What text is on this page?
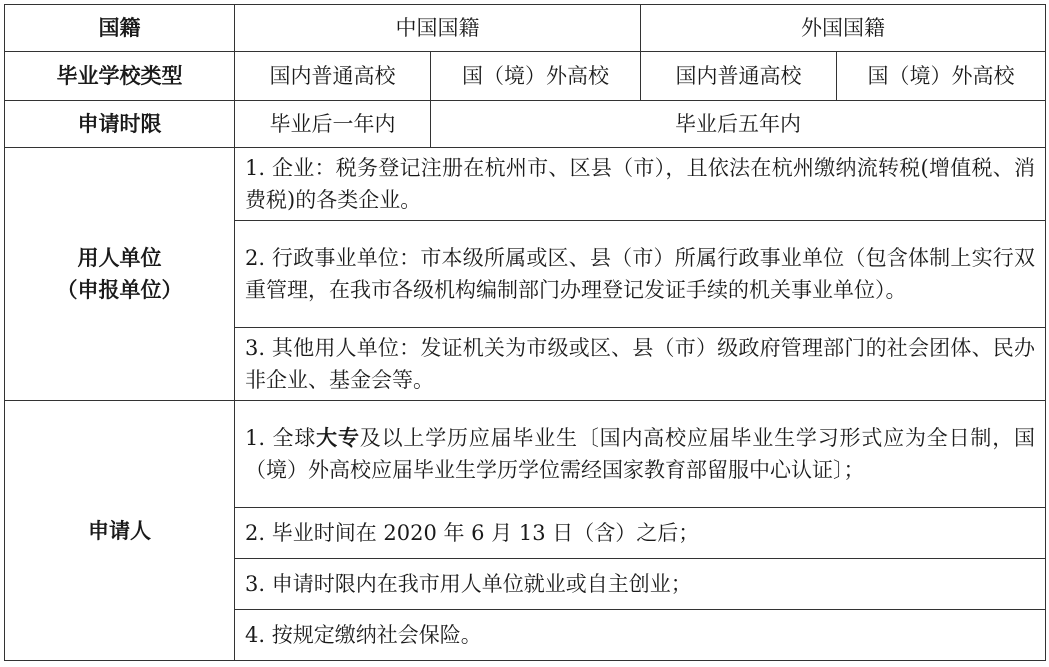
国籍	中国国籍		外国国籍	
毕业学校类型	国内普通高校	国（境）外高校	国内普通高校	国（境）外高校
申请时限	毕业后一年内	毕业后五年内		

用人单位
（申报单位）	1. 企业：税务登记注册在杭州市、区县（市），且依法在杭州缴纳流转税(增值税、消费税)的各类企业。			
	2. 行政事业单位：市本级所属或区、县（市）所属行政事业单位（包含体制上实行双重管理，在我市各级机构编制部门办理登记发证手续的机关事业单位）。			
	3. 其他用人单位：发证机关为市级或区、县（市）级政府管理部门的社会团体、民办非企业、基金会等。			
申请人	1. 全球大专及以上学历应届毕业生〔国内高校应届毕业生学习形式应为全日制，国（境）外高校应届毕业生学历学位需经国家教育部留服中心认证〕；			
	2. 毕业时间在 2020 年 6 月 13 日（含）之后；			
	3. 申请时限内在我市用人单位就业或自主创业；			
	4. 按规定缴纳社会保险。			
